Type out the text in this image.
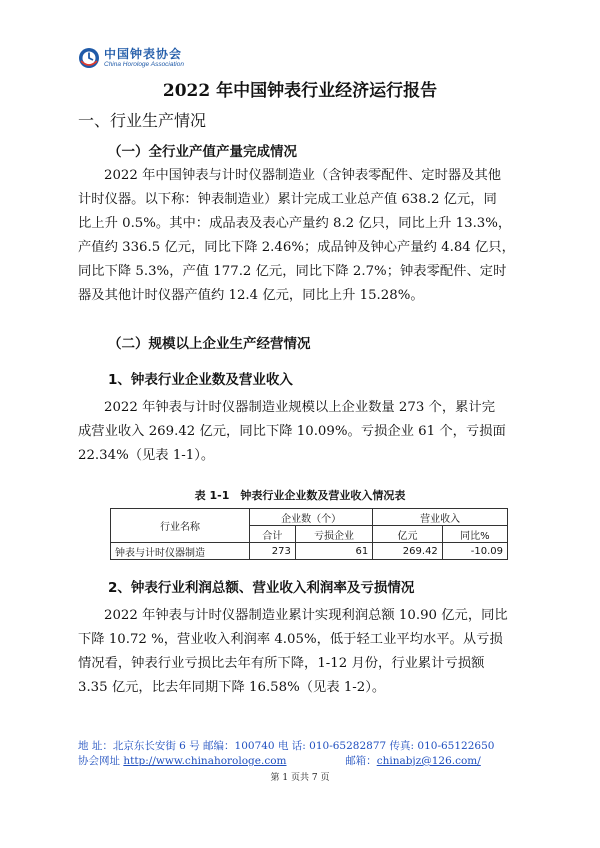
中国钟表协会
China Horologe Association
2022 年中国钟表行业经济运行报告
一、行业生产情况
（一）全行业产值产量完成情况
2022 年中国钟表与计时仪器制造业（含钟表零配件、定时器及其他
计时仪器。以下称：钟表制造业）累计完成工业总产值 638.2 亿元，同
比上升 0.5%。其中：成品表及表心产量约 8.2 亿只，同比上升 13.3%，
产值约 336.5 亿元，同比下降 2.46%；成品钟及钟心产量约 4.84 亿只，
同比下降 5.3%，产值 177.2 亿元，同比下降 2.7%；钟表零配件、定时
器及其他计时仪器产值约 12.4 亿元，同比上升 15.28%。
（二）规模以上企业生产经营情况
1、钟表行业企业数及营业收入
2022 年钟表与计时仪器制造业规模以上企业数量 273 个，累计完
成营业收入 269.42 亿元，同比下降 10.09%。亏损企业 61 个，亏损面
22.34%（见表 1-1）。
表 1-1　钟表行业企业数及营业收入情况表
行业名称	企业数（个）		营业收入	
	合计	亏损企业	亿元	同比%
钟表与计时仪器制造	273	61	269.42	-10.09
2、钟表行业利润总额、营业收入利润率及亏损情况
2022 年钟表与计时仪器制造业累计实现利润总额 10.90 亿元，同比
下降 10.72 %，营业收入利润率 4.05%，低于轻工业平均水平。从亏损
情况看，钟表行业亏损比去年有所下降，1-12 月份，行业累计亏损额
3.35 亿元，比去年同期下降 16.58%（见表 1-2）。
地 址：北京东长安街 6 号 邮编：100740 电 话: 010-65282877 传真: 010-65122650
协会网址 http://www.chinahorologe.com	邮箱：chinabjz@126.com/
第 1 页共 7 页
